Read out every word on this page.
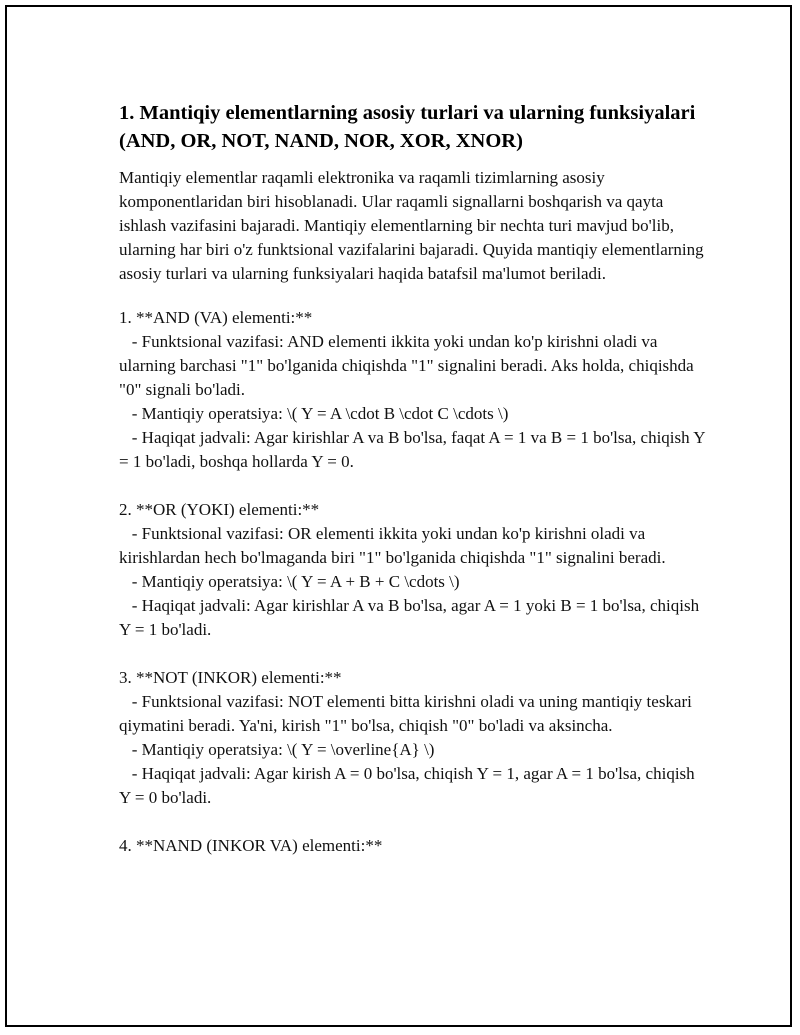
1. Mantiqiy elementlarning asosiy turlari va ularning funksiyalari (AND, OR, NOT, NAND, NOR, XOR, XNOR)

Mantiqiy elementlar raqamli elektronika va raqamli tizimlarning asosiy komponentlaridan biri hisoblanadi. Ular raqamli signallarni boshqarish va qayta ishlash vazifasini bajaradi. Mantiqiy elementlarning bir nechta turi mavjud bo'lib, ularning har biri o'z funktsional vazifalarini bajaradi. Quyida mantiqiy elementlarning asosiy turlari va ularning funksiyalari haqida batafsil ma'lumot beriladi.

1. **AND (VA) elementi:**
- Funktsional vazifasi: AND elementi ikkita yoki undan ko'p kirishni oladi va ularning barchasi "1" bo'lganida chiqishda "1" signalini beradi. Aks holda, chiqishda "0" signali bo'ladi.
- Mantiqiy operatsiya: \( Y = A \cdot B \cdot C \cdots \)
- Haqiqat jadvali: Agar kirishlar A va B bo'lsa, faqat A = 1 va B = 1 bo'lsa, chiqish Y = 1 bo'ladi, boshqa hollarda Y = 0.
2. **OR (YOKI) elementi:**
- Funktsional vazifasi: OR elementi ikkita yoki undan ko'p kirishni oladi va kirishlardan hech bo'lmaganda biri "1" bo'lganida chiqishda "1" signalini beradi.
- Mantiqiy operatsiya: \( Y = A + B + C \cdots \)
- Haqiqat jadvali: Agar kirishlar A va B bo'lsa, agar A = 1 yoki B = 1 bo'lsa, chiqish Y = 1 bo'ladi.
3. **NOT (INKOR) elementi:**
- Funktsional vazifasi: NOT elementi bitta kirishni oladi va uning mantiqiy teskari qiymatini beradi. Ya'ni, kirish "1" bo'lsa, chiqish "0" bo'ladi va aksincha.
- Mantiqiy operatsiya: \( Y = \overline{A} \)
- Haqiqat jadvali: Agar kirish A = 0 bo'lsa, chiqish Y = 1, agar A = 1 bo'lsa, chiqish Y = 0 bo'ladi.
4. **NAND (INKOR VA) elementi:**
